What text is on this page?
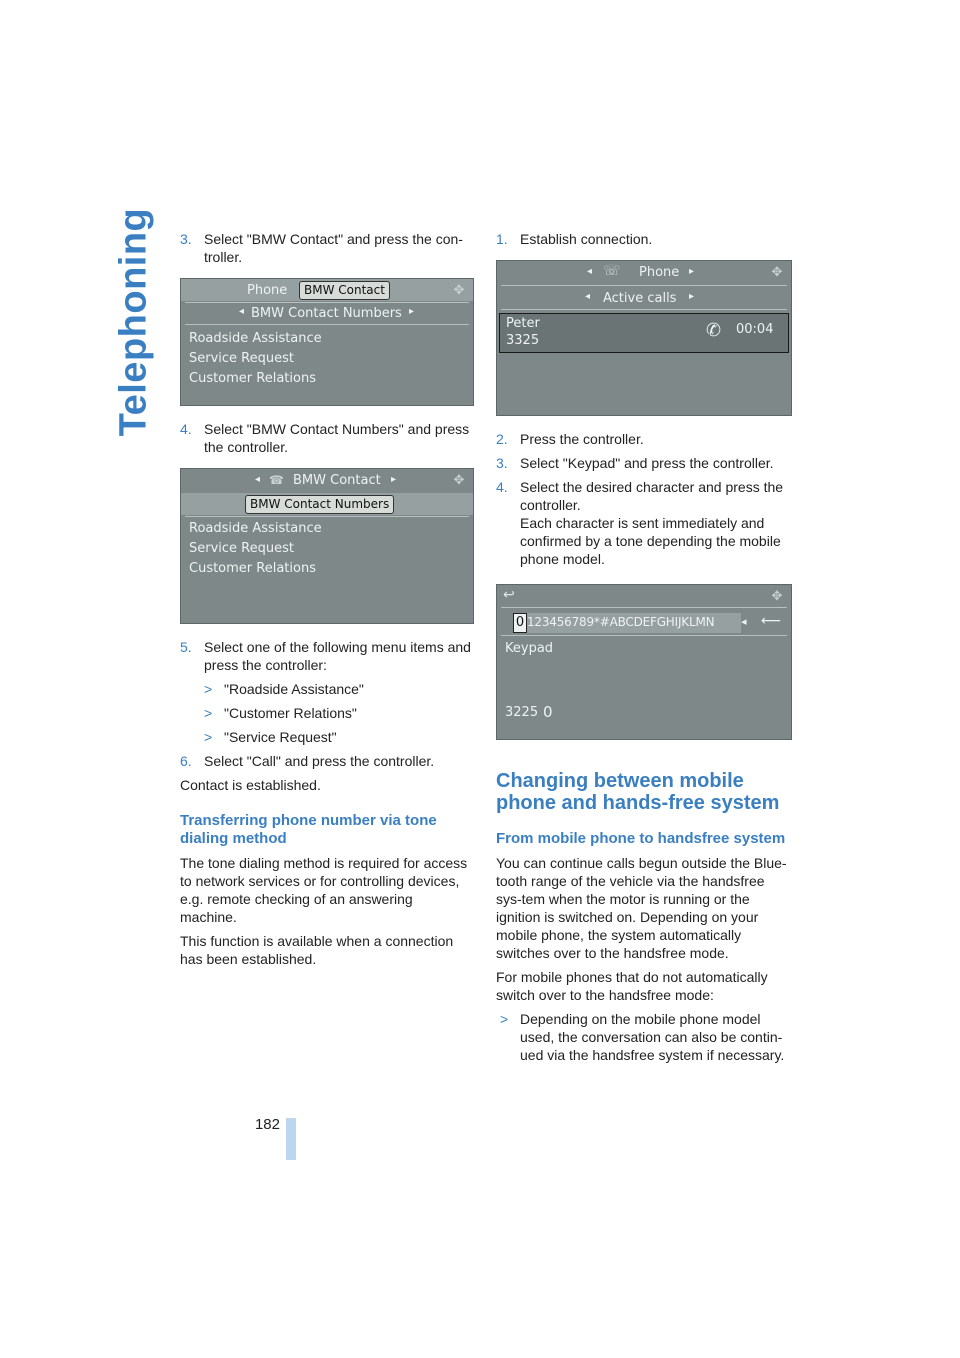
Telephoning 3. Select "BMW Contact" and press the con-troller.
Phone	BMW Contact	✥
◂ BMW Contact Numbers ▸
Roadside Assistance
Service Request
Customer Relations
4. Select "BMW Contact Numbers" and press the controller.
◂ ☎ BMW Contact ▸	✥
BMW Contact Numbers
Roadside Assistance
Service Request
Customer Relations
5. Select one of the following menu items and press the controller:
> "Roadside Assistance"
> "Customer Relations"
> "Service Request"
6. Select "Call" and press the controller.

Contact is established.

Transferring phone number via tone dialing method

The tone dialing method is required for access to network services or for controlling devices, e.g. remote checking of an answering machine.

This function is available when a connection has been established.

1. Establish connection.
◂ ☏ Phone ▸	✥
◂ Active calls ▸
Peter
3325	✆ 00:04
2. Press the controller.
3. Select "Keypad" and press the controller.
4. Select the desired character and press the controller.
Each character is sent immediately and confirmed by a tone depending the mobile phone model.
↩	✥
0 123456789*#ABCDEFGHIJKLMN ◂ ⟵
Keypad
3225 0
Changing between mobile phone and hands-free system
From mobile phone to handsfree system

You can continue calls begun outside the Blue-tooth range of the vehicle via the handsfree sys-tem when the motor is running or the ignition is switched on. Depending on your mobile phone, the system automatically switches over to the handsfree mode.

For mobile phones that do not automatically switch over to the handsfree mode:

> Depending on the mobile phone model used, the conversation can also be contin-ued via the handsfree system if necessary.
182
